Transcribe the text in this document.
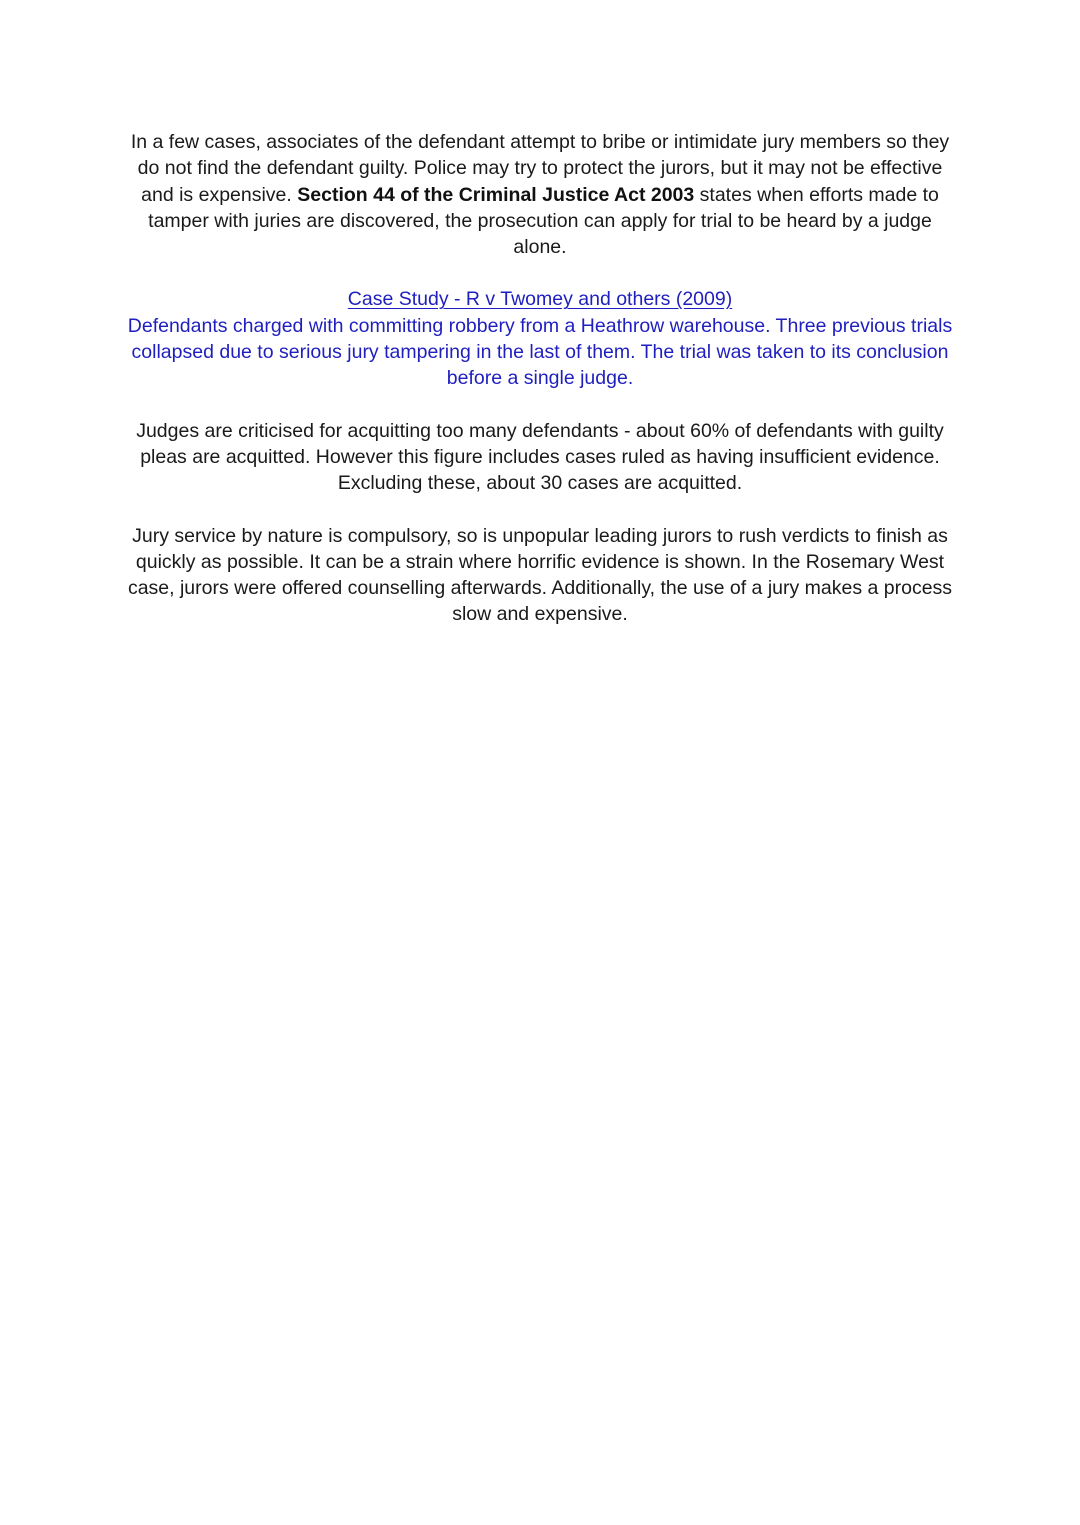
In a few cases, associates of the defendant attempt to bribe or intimidate jury members so they do not find the defendant guilty. Police may try to protect the jurors, but it may not be effective and is expensive. Section 44 of the Criminal Justice Act 2003 states when efforts made to tamper with juries are discovered, the prosecution can apply for trial to be heard by a judge alone.

Case Study - R v Twomey and others (2009)
Defendants charged with committing robbery from a Heathrow warehouse. Three previous trials collapsed due to serious jury tampering in the last of them. The trial was taken to its conclusion before a single judge.

Judges are criticised for acquitting too many defendants - about 60% of defendants with guilty pleas are acquitted. However this figure includes cases ruled as having insufficient evidence. Excluding these, about 30 cases are acquitted.

Jury service by nature is compulsory, so is unpopular leading jurors to rush verdicts to finish as quickly as possible. It can be a strain where horrific evidence is shown. In the Rosemary West case, jurors were offered counselling afterwards. Additionally, the use of a jury makes a process slow and expensive.
